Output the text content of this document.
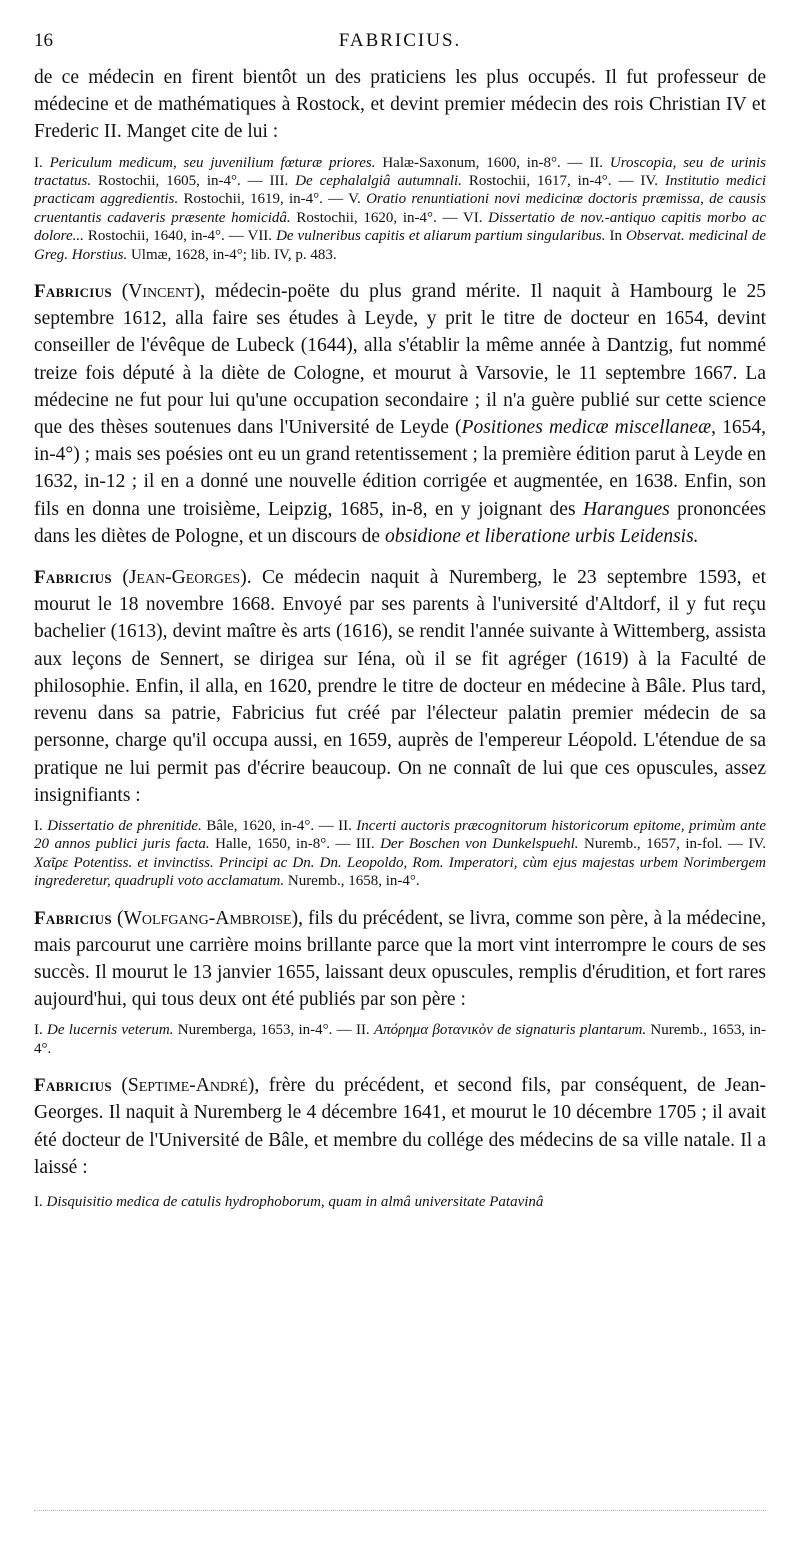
16	FABRICIUS.

de ce médecin en firent bientôt un des praticiens les plus occupés. Il fut professeur de médecine et de mathématiques à Rostock, et devint premier médecin des rois Christian IV et Frederic II. Manget cite de lui :

I. Periculum medicum, seu juvenilium fœturæ priores. Halæ-Saxonum, 1600, in-8°. — II. Uroscopia, seu de urinis tractatus. Rostochii, 1605, in-4°. — III. De cephalalgiâ autumnali. Rostochii, 1617, in-4°. — IV. Institutio medici practicam aggredientis. Rostochii, 1619, in-4°. — V. Oratio renuntiationi novi medicinæ doctoris præmissa, de causis cruentantis cadaveris præsente homicidâ. Rostochii, 1620, in-4°. — VI. Dissertatio de nov.-antiquo capitis morbo ac dolore... Rostochii, 1640, in-4°. — VII. De vulneribus capitis et aliarum partium singularibus. In Observat. medicinal de Greg. Horstius. Ulmæ, 1628, in-4°; lib. IV, p. 483.

Fabricius (Vincent), médecin-poëte du plus grand mérite. Il naquit à Hambourg le 25 septembre 1612, alla faire ses études à Leyde, y prit le titre de docteur en 1654, devint conseiller de l'évêque de Lubeck (1644), alla s'établir la même année à Dantzig, fut nommé treize fois député à la diète de Cologne, et mourut à Varsovie, le 11 septembre 1667. La médecine ne fut pour lui qu'une occupation secondaire ; il n'a guère publié sur cette science que des thèses soutenues dans l'Université de Leyde (Positiones medicæ miscellaneæ, 1654, in-4°) ; mais ses poésies ont eu un grand retentissement ; la première édition parut à Leyde en 1632, in-12 ; il en a donné une nouvelle édition corrigée et augmentée, en 1638. Enfin, son fils en donna une troisième, Leipzig, 1685, in-8, en y joignant des Harangues prononcées dans les diètes de Pologne, et un discours de obsidione et liberatione urbis Leidensis.

Fabricius (Jean-Georges). Ce médecin naquit à Nuremberg, le 23 septembre 1593, et mourut le 18 novembre 1668. Envoyé par ses parents à l'université d'Altdorf, il y fut reçu bachelier (1613), devint maître ès arts (1616), se rendit l'année suivante à Wittemberg, assista aux leçons de Sennert, se dirigea sur Iéna, où il se fit agréger (1619) à la Faculté de philosophie. Enfin, il alla, en 1620, prendre le titre de docteur en médecine à Bâle. Plus tard, revenu dans sa patrie, Fabricius fut créé par l'électeur palatin premier médecin de sa personne, charge qu'il occupa aussi, en 1659, auprès de l'empereur Léopold. L'étendue de sa pratique ne lui permit pas d'écrire beaucoup. On ne connaît de lui que ces opuscules, assez insignifiants :

I. Dissertatio de phrenitide. Bâle, 1620, in-4°. — II. Incerti auctoris præcognitorum historicorum epitome, primùm ante 20 annos publici juris facta. Halle, 1650, in-8°. — III. Der Boschen von Dunkelspuehl. Nuremb., 1657, in-fol. — IV. Χαῖρε Potentiss. et invinctiss. Principi ac Dn. Dn. Leopoldo, Rom. Imperatori, cùm ejus majestas urbem Norimbergem ingrederetur, quadrupli voto acclamatum. Nuremb., 1658, in-4°.

Fabricius (Wolfgang-Ambroise), fils du précédent, se livra, comme son père, à la médecine, mais parcourut une carrière moins brillante parce que la mort vint interrompre le cours de ses succès. Il mourut le 13 janvier 1655, laissant deux opuscules, remplis d'érudition, et fort rares aujourd'hui, qui tous deux ont été publiés par son père :

I. De lucernis veterum. Nuremberga, 1653, in-4°. — II. Απόρημα βοτανικὸν de signaturis plantarum. Nuremb., 1653, in-4°.

Fabricius (Septime-André), frère du précédent, et second fils, par conséquent, de Jean-Georges. Il naquit à Nuremberg le 4 décembre 1641, et mourut le 10 décembre 1705 ; il avait été docteur de l'Université de Bâle, et membre du collége des médecins de sa ville natale. Il a laissé :

I. Disquisitio medica de catulis hydrophoborum, quam in almâ universitate Patavinâ
